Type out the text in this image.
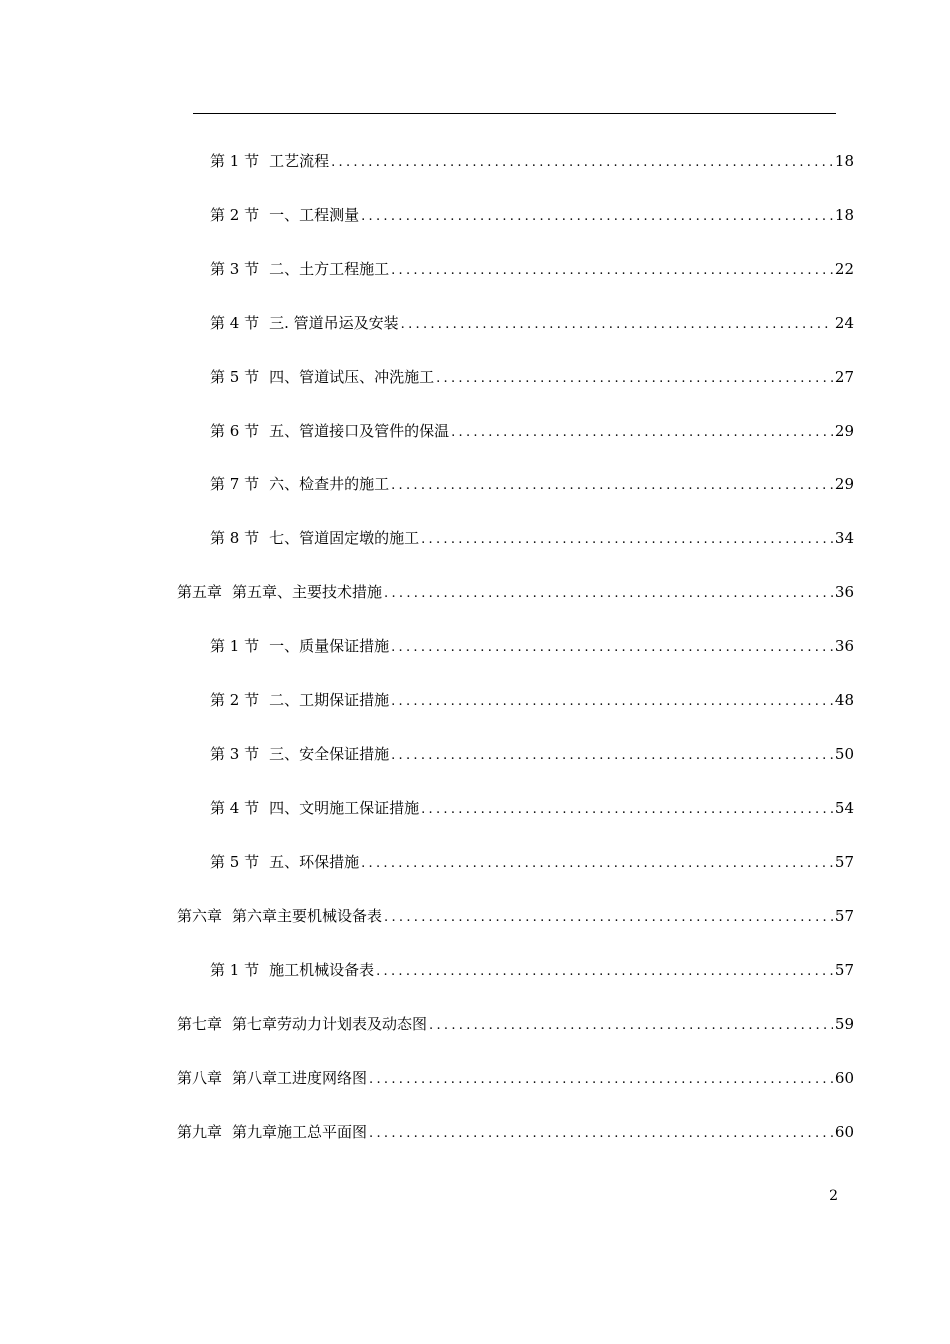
第 1 节 工艺流程 .....	18
第 2 节 一、工程测量 .....	18
第 3 节 二、土方工程施工 .....	22
第 4 节 三. 管道吊运及安装 .....	24
第 5 节 四、管道试压、冲洗施工 .....	27
第 6 节 五、管道接口及管件的保温 .....	29
第 7 节 六、检查井的施工 .....	29
第 8 节 七、管道固定墩的施工 .....	34
第五章 第五章、主要技术措施 .....	36
第 1 节 一、质量保证措施 .....	36
第 2 节 二、工期保证措施 .....	48
第 3 节 三、安全保证措施 .....	50
第 4 节 四、文明施工保证措施 .....	54
第 5 节 五、环保措施 .....	57
第六章 第六章主要机械设备表 .....	57
第 1 节 施工机械设备表 .....	57
第七章 第七章劳动力计划表及动态图 .....	59
第八章 第八章工进度网络图 .....	60
第九章 第九章施工总平面图 .....	60
2
